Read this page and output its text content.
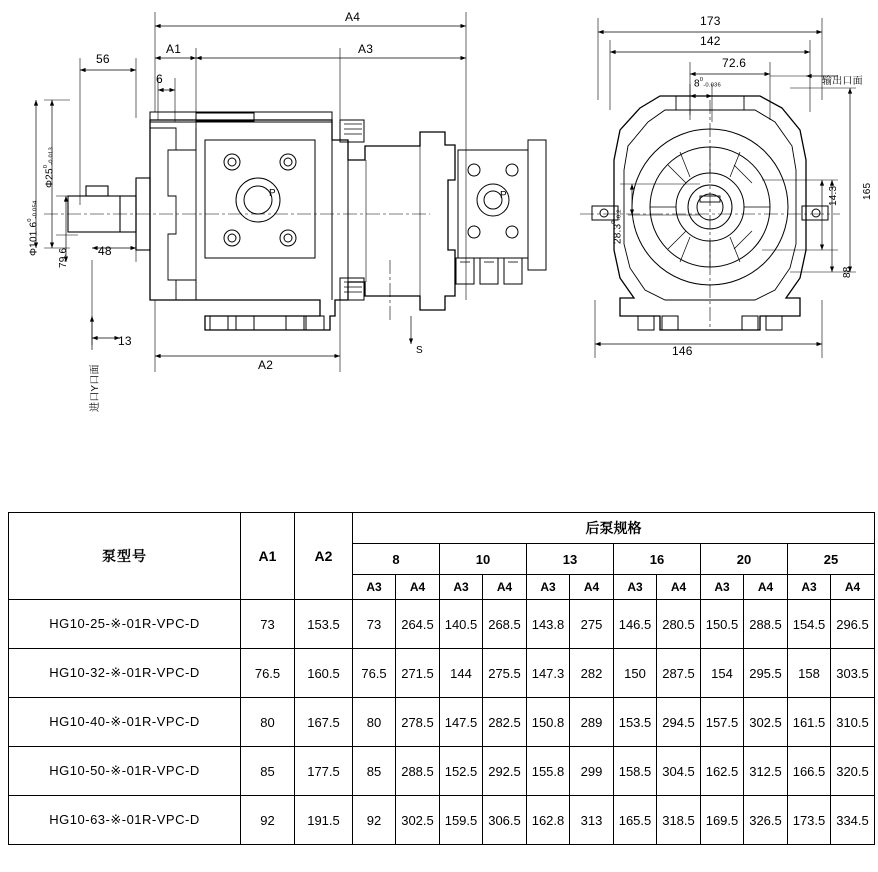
A4
A1	A3
56
6
48
13
A2
S
$\Phi 25^0_{-0.013}$
$\Phi 101.6^0_{-0.054}$
79.6
进口Y口面
P	P
173
142
72.6
$8^0_{-0.036}$
146
165
88
14.3
$28.3^0_{-0.2}$
输出口面
泵型号	A1	A2	后泵规格											
			8		10		13		16		20		25	
			A3	A4	A3	A4	A3	A4	A3	A4	A3	A4	A3	A4
HG10-25-※-01R-VPC-D	73	153.5	73	264.5	140.5	268.5	143.8	275	146.5	280.5	150.5	288.5	154.5	296.5
HG10-32-※-01R-VPC-D	76.5	160.5	76.5	271.5	144	275.5	147.3	282	150	287.5	154	295.5	158	303.5
HG10-40-※-01R-VPC-D	80	167.5	80	278.5	147.5	282.5	150.8	289	153.5	294.5	157.5	302.5	161.5	310.5
HG10-50-※-01R-VPC-D	85	177.5	85	288.5	152.5	292.5	155.8	299	158.5	304.5	162.5	312.5	166.5	320.5
HG10-63-※-01R-VPC-D	92	191.5	92	302.5	159.5	306.5	162.8	313	165.5	318.5	169.5	326.5	173.5	334.5
